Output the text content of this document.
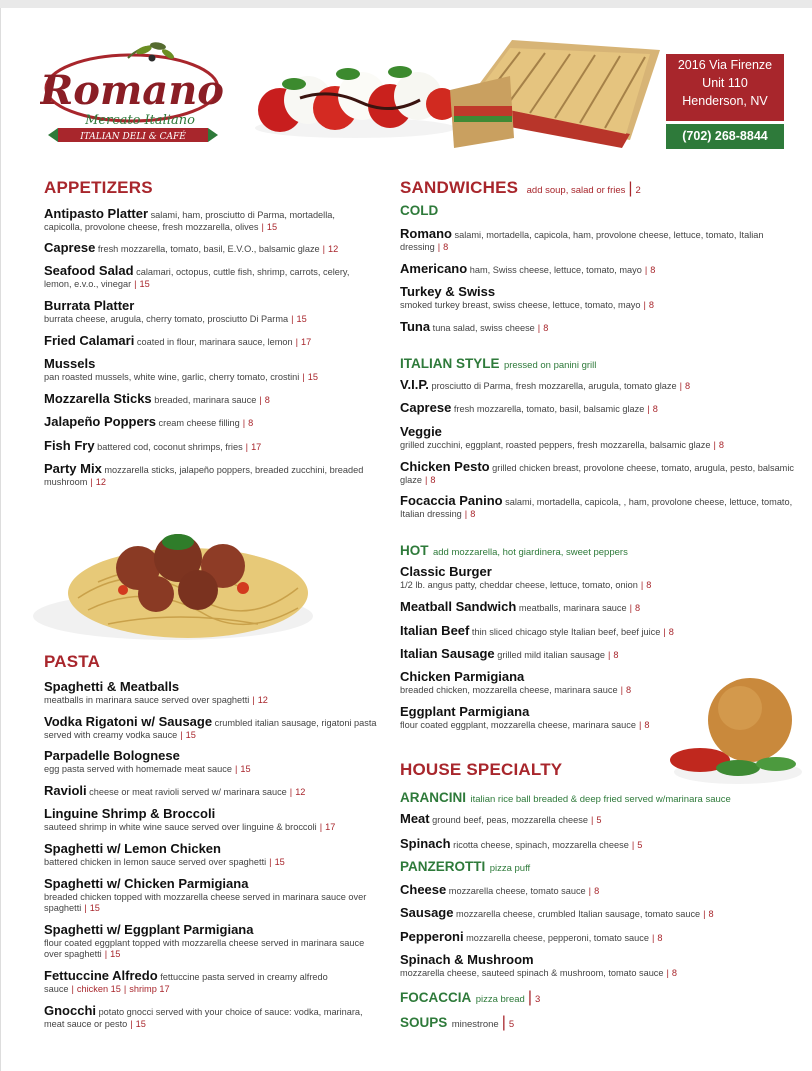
Romano
Mercato Italiano
ITALIAN DELI & CAFÉ
2016 Via Firenze
Unit 110
Henderson, NV
(702) 268-8844
APPETIZERS
Antipasto Platter salami, ham, prosciutto di Parma, mortadella, capicolla, provolone cheese, fresh mozzarella, olives | 15
Caprese fresh mozzarella, tomato, basil, E.V.O., balsamic glaze | 12
Seafood Salad calamari, octopus, cuttle fish, shrimp, carrots, celery, lemon, e.v.o., vinegar | 15
Burrata Platter
burrata cheese, arugula, cherry tomato, prosciutto Di Parma | 15
Fried Calamari coated in flour, marinara sauce, lemon | 17
Mussels
pan roasted mussels, white wine, garlic, cherry tomato, crostini | 15
Mozzarella Sticks breaded, marinara sauce | 8
Jalapeño Poppers cream cheese filling | 8
Fish Fry battered cod, coconut shrimps, fries | 17
Party Mix mozzarella sticks, jalapeño poppers, breaded zucchini, breaded mushroom | 12
PASTA
Spaghetti & Meatballs
meatballs in marinara sauce served over spaghetti | 12
Vodka Rigatoni w/ Sausage crumbled italian sausage, rigatoni pasta served with creamy vodka sauce | 15
Parpadelle Bolognese
egg pasta served with homemade meat sauce | 15
Ravioli cheese or meat ravioli served w/ marinara sauce | 12
Linguine Shrimp & Broccoli
sauteed shrimp in white wine sauce served over linguine & broccoli | 17
Spaghetti w/ Lemon Chicken
battered chicken in lemon sauce served over spaghetti | 15
Spaghetti w/ Chicken Parmigiana
breaded chicken topped with mozzarella cheese served in marinara sauce over spaghetti | 15
Spaghetti w/ Eggplant Parmigiana
flour coated eggplant topped with mozzarella cheese served in marinara sauce over spaghetti | 15
Fettuccine Alfredo fettuccine pasta served in creamy alfredo sauce | chicken 15 | shrimp 17
Gnocchi potato gnocci served with your choice of sauce: vodka, marinara, meat sauce or pesto | 15
SANDWICHES add soup, salad or fries | 2
COLD
Romano salami, mortadella, capicola, ham, provolone cheese, lettuce, tomato, Italian dressing | 8
Americano ham, Swiss cheese, lettuce, tomato, mayo | 8
Turkey & Swiss
smoked turkey breast, swiss cheese, lettuce, tomato, mayo | 8
Tuna tuna salad, swiss cheese | 8
ITALIAN STYLE pressed on panini grill
V.I.P. prosciutto di Parma, fresh mozzarella, arugula, tomato glaze | 8
Caprese fresh mozzarella, tomato, basil, balsamic glaze | 8
Veggie
grilled zucchini, eggplant, roasted peppers, fresh mozzarella, balsamic glaze | 8
Chicken Pesto grilled chicken breast, provolone cheese, tomato, arugula, pesto, balsamic glaze | 8
Focaccia Panino salami, mortadella, capicola, , ham, provolone cheese, lettuce, tomato, Italian dressing | 8
HOT add mozzarella, hot giardinera, sweet peppers
Classic Burger
1/2 lb. angus patty, cheddar cheese, lettuce, tomato, onion | 8
Meatball Sandwich meatballs, marinara sauce | 8
Italian Beef thin sliced chicago style Italian beef, beef juice | 8
Italian Sausage grilled mild italian sausage | 8
Chicken Parmigiana
breaded chicken, mozzarella cheese, marinara sauce | 8
Eggplant Parmigiana
flour coated eggplant, mozzarella cheese, marinara sauce | 8
HOUSE SPECIALTY
ARANCINI italian rice ball breaded & deep fried served w/marinara sauce
Meat ground beef, peas, mozzarella cheese | 5
Spinach ricotta cheese, spinach, mozzarella cheese | 5
PANZEROTTI pizza puff
Cheese mozzarella cheese, tomato sauce | 8
Sausage mozzarella cheese, crumbled Italian sausage, tomato sauce | 8
Pepperoni mozzarella cheese, pepperoni, tomato sauce | 8
Spinach & Mushroom
mozzarella cheese, sauteed spinach & mushroom, tomato sauce | 8
FOCACCIA pizza bread | 3
SOUPS minestrone | 5
